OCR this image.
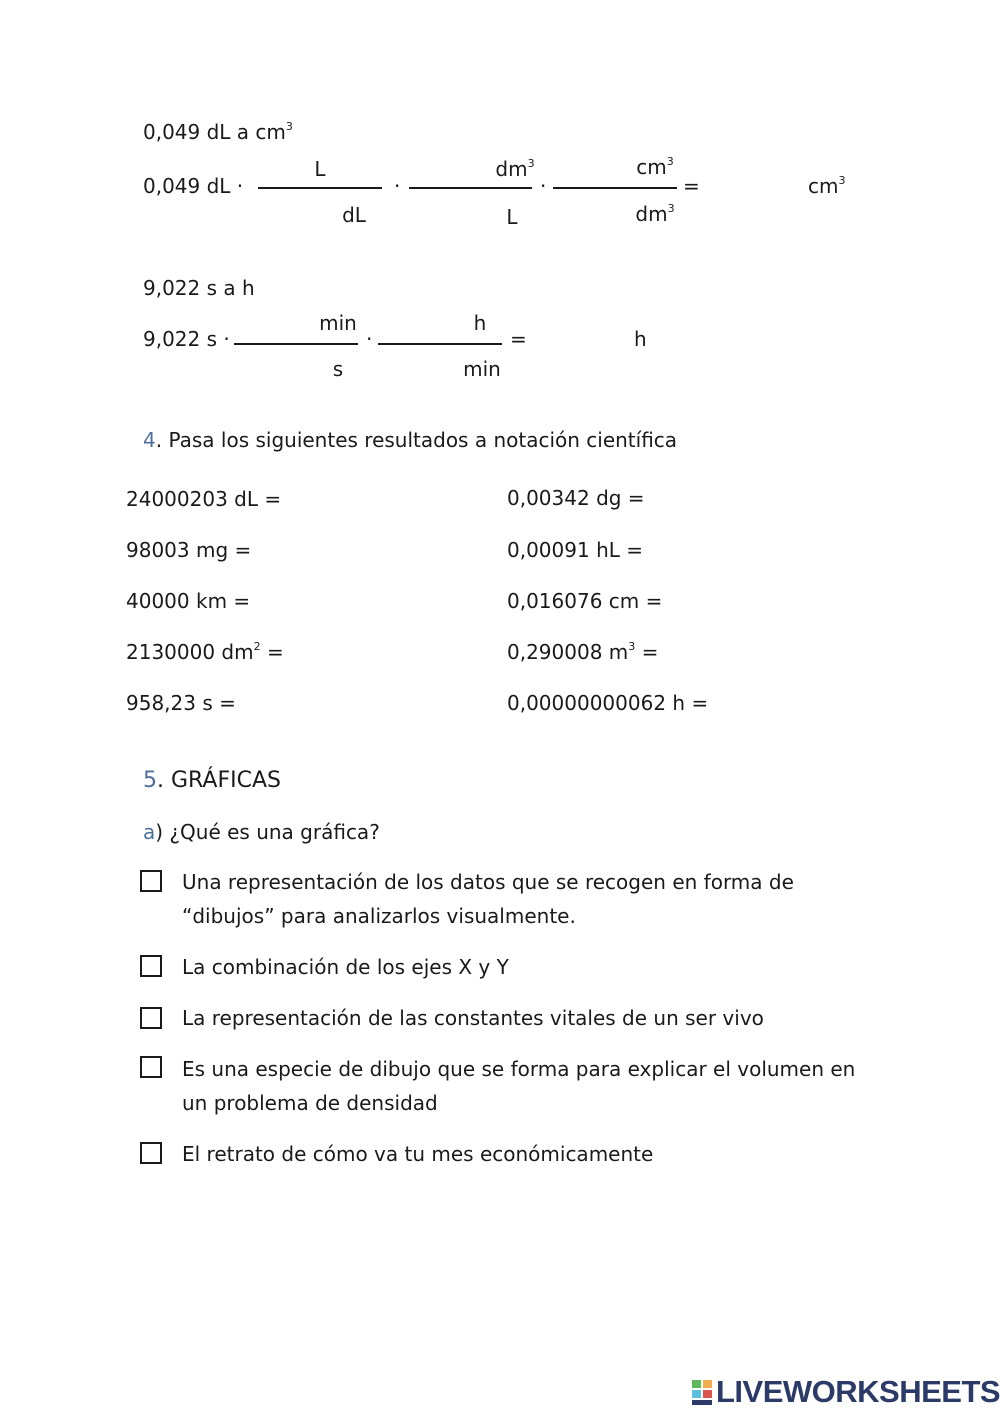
0,049 dL a $cm^3$
0,049 dL ·
L
dL
·
$dm^3$
L
·
$cm^3$
$dm^3$
=	$cm^3$
9,022 s a h
9,022 s ·
min
s
·
h
min
=	h
4. Pasa los siguientes resultados a notación científica
24000203 dL =
98003 mg =
40000 km =
2130000 $dm^2$ =
958,23 s =
0,00342 dg =
0,00091 hL =
0,016076 cm =
0,290008 $m^3$ =
0,00000000062 h =
5. GRÁFICAS
a) ¿Qué es una gráfica?
Una representación de los datos que se recogen en forma de “dibujos” para analizarlos visualmente.
La combinación de los ejes X y Y
La representación de las constantes vitales de un ser vivo
Es una especie de dibujo que se forma para explicar el volumen en un problema de densidad
El retrato de cómo va tu mes económicamente
LIVEWORKSHEETS
